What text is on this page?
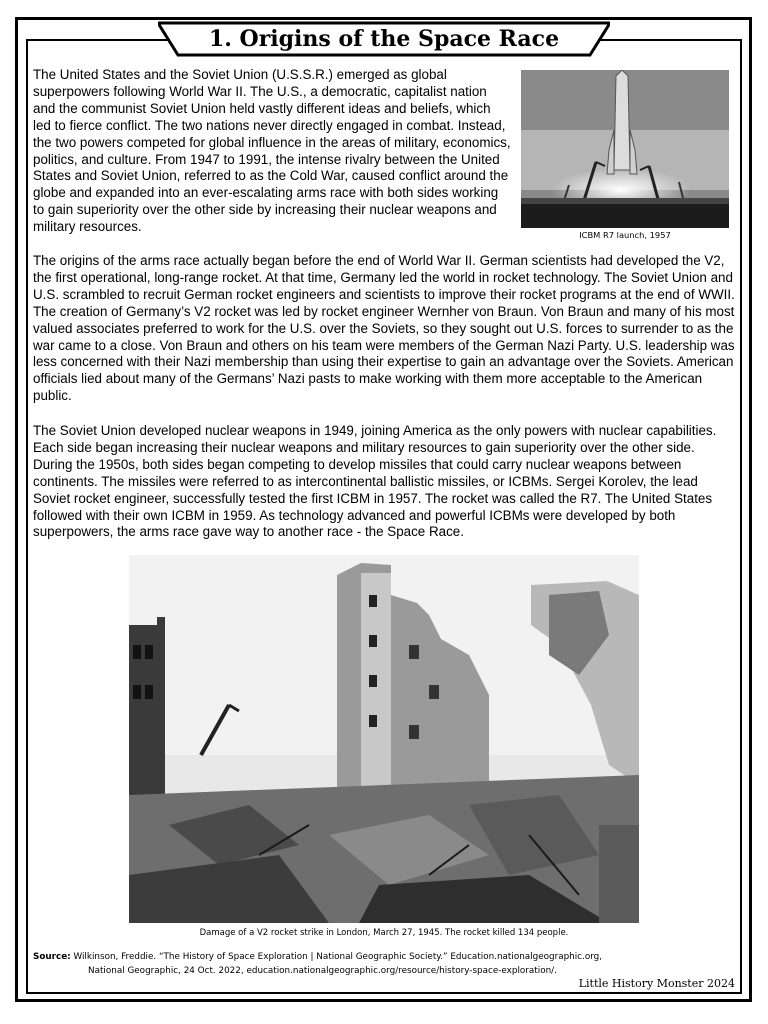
1. Origins of the Space Race

The United States and the Soviet Union (U.S.S.R.) emerged as global superpowers following World War II. The U.S., a democratic, capitalist nation and the communist Soviet Union held vastly different ideas and beliefs, which led to fierce conflict. The two nations never directly engaged in combat. Instead, the two powers competed for global influence in the areas of military, economics, politics, and culture. From 1947 to 1991, the intense rivalry between the United States and Soviet Union, referred to as the Cold War, caused conflict around the globe and expanded into an ever-escalating arms race with both sides working to gain superiority over the other side by increasing their nuclear weapons and military resources.

ICBM R7 launch, 1957

The origins of the arms race actually began before the end of World War II. German scientists had developed the V2, the first operational, long-range rocket. At that time, Germany led the world in rocket technology. The Soviet Union and U.S. scrambled to recruit German rocket engineers and scientists to improve their rocket programs at the end of WWII. The creation of Germany’s V2 rocket was led by rocket engineer Wernher von Braun. Von Braun and many of his most valued associates preferred to work for the U.S. over the Soviets, so they sought out U.S. forces to surrender to as the war came to a close. Von Braun and others on his team were members of the German Nazi Party. U.S. leadership was less concerned with their Nazi membership than using their expertise to gain an advantage over the Soviets. American officials lied about many of the Germans’ Nazi pasts to make working with them more acceptable to the American public.

The Soviet Union developed nuclear weapons in 1949, joining America as the only powers with nuclear capabilities. Each side began increasing their nuclear weapons and military resources to gain superiority over the other side. During the 1950s, both sides began competing to develop missiles that could carry nuclear weapons between continents. The missiles were referred to as intercontinental ballistic missiles, or ICBMs. Sergei Korolev, the lead Soviet rocket engineer, successfully tested the first ICBM in 1957. The rocket was called the R7. The United States followed with their own ICBM in 1959. As technology advanced and powerful ICBMs were developed by both superpowers, the arms race gave way to another race - the Space Race.

Damage of a V2 rocket strike in London, March 27, 1945. The rocket killed 134 people.
Source: Wilkinson, Freddie. “The History of Space Exploration | National Geographic Society.” Education.nationalgeographic.org,
National Geographic, 24 Oct. 2022, education.nationalgeographic.org/resource/history-space-exploration/.
Little History Monster 2024
